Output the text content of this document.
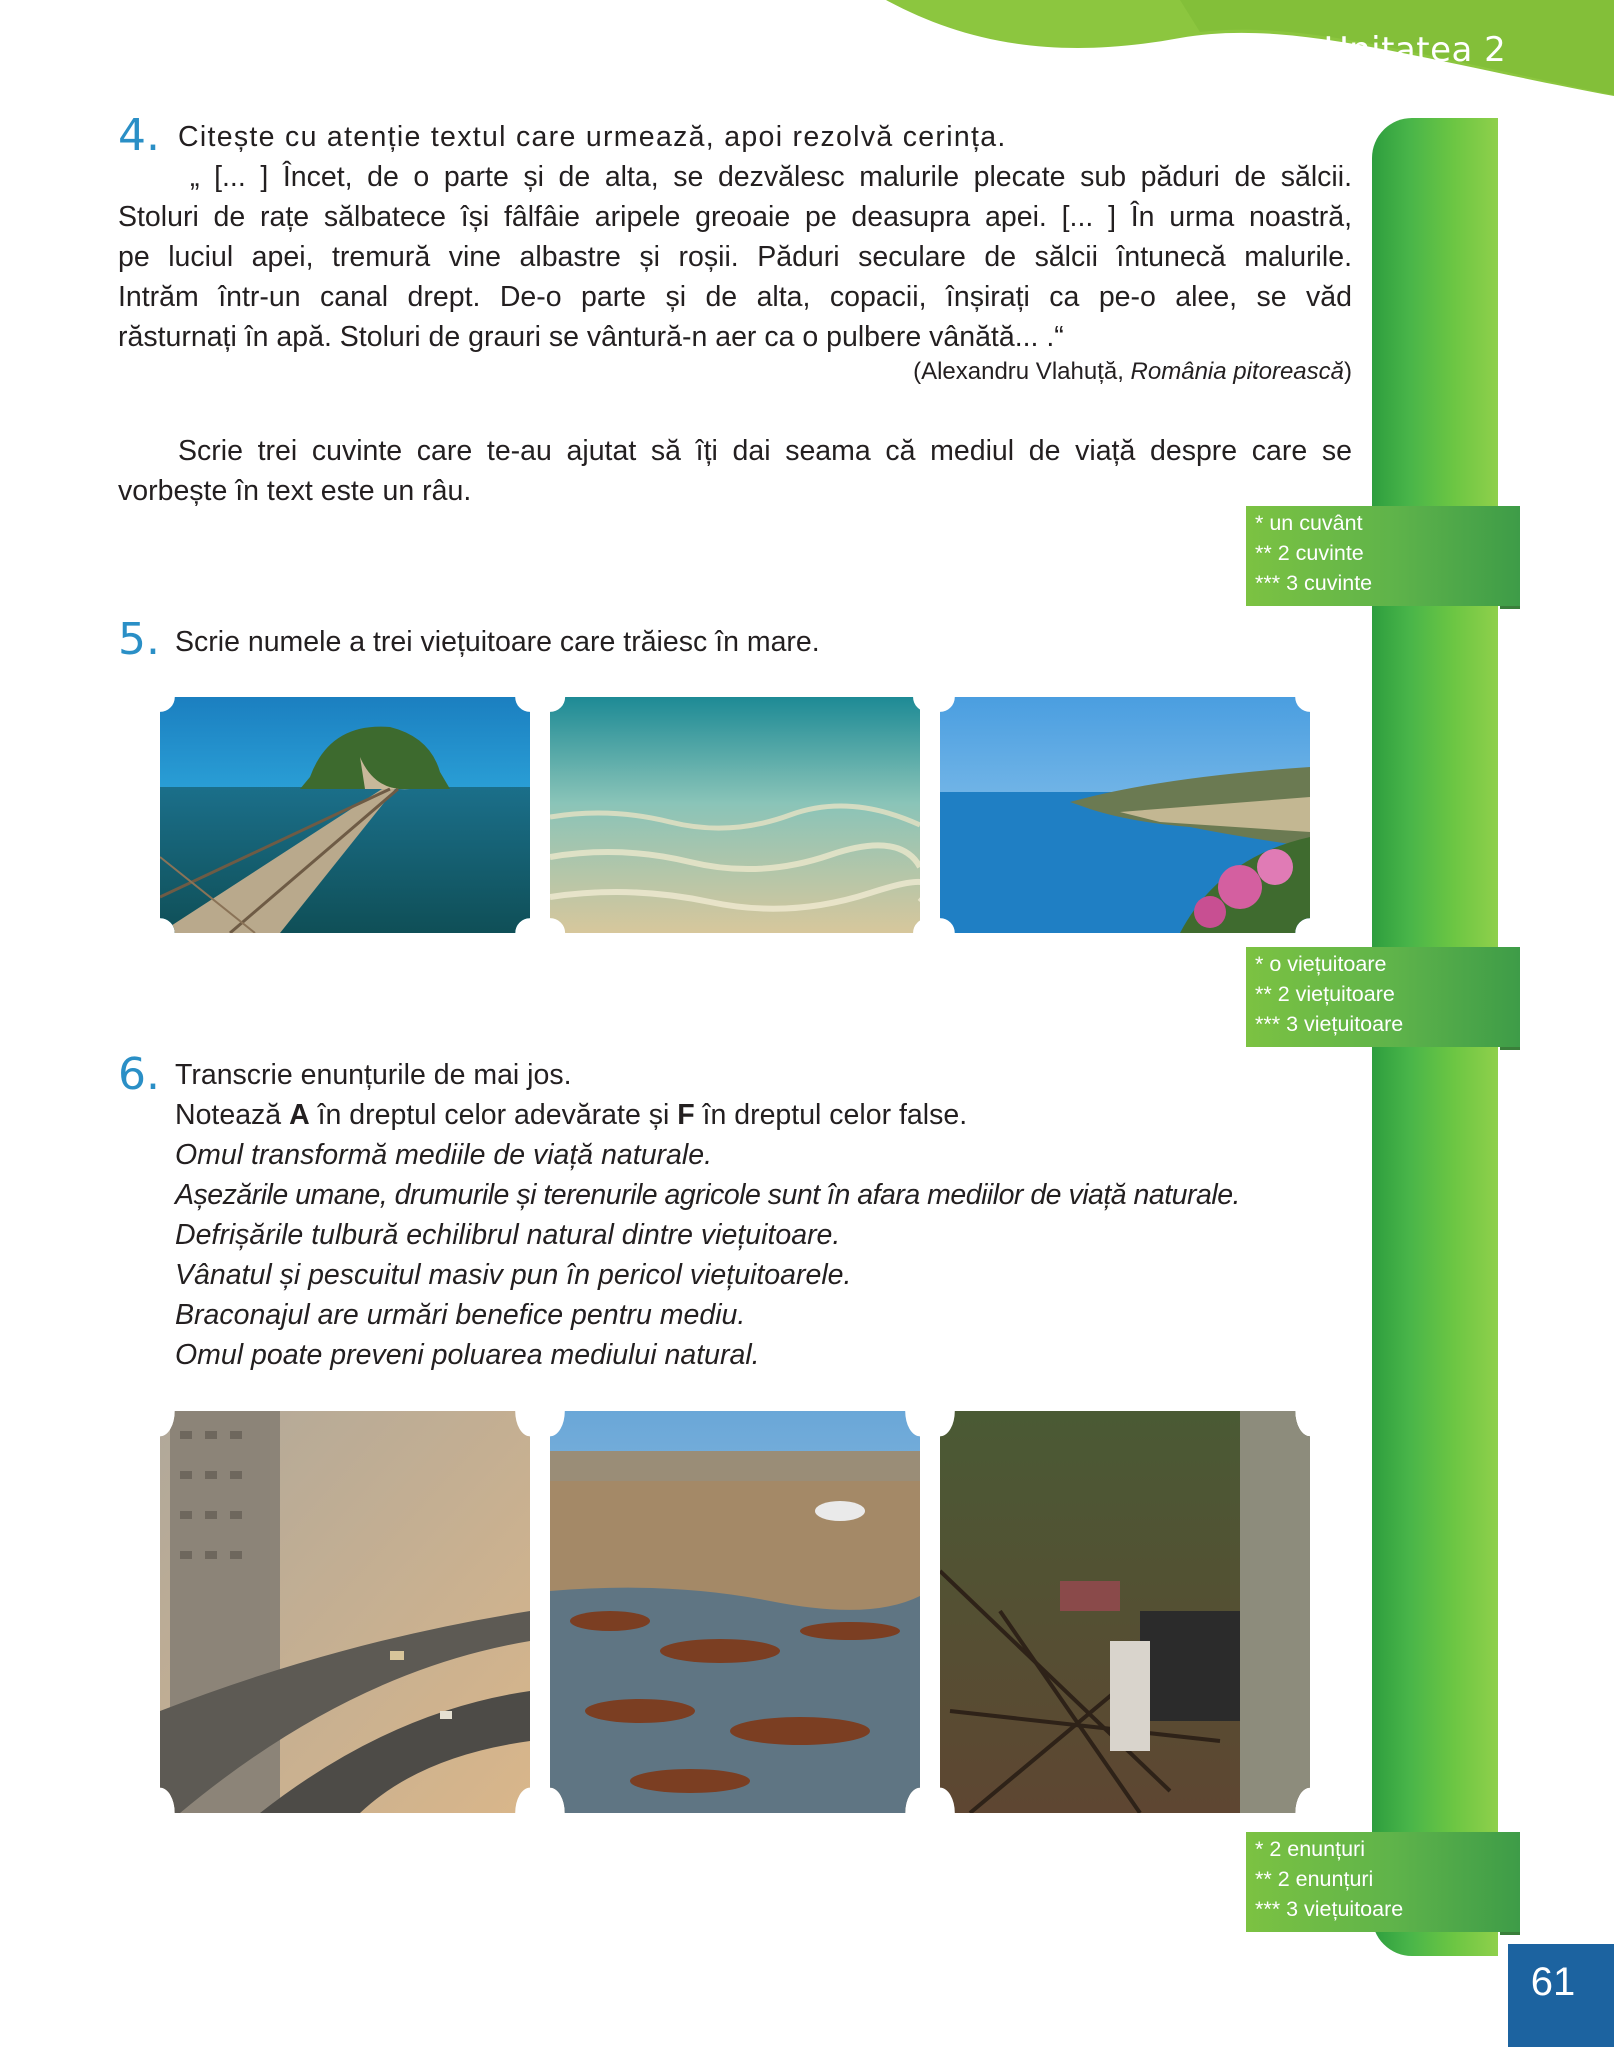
Unitatea 2
4. Citește cu atenție textul care urmează, apoi rezolvă cerința.
„ [... ] Încet, de o parte și de alta, se dezvălesc malurile plecate sub păduri de sălcii.
Stoluri de rațe sălbatece își fâlfâie aripele greoaie pe deasupra apei. [... ] În urma noastră,
pe luciul apei, tremură vine albastre și roșii. Păduri seculare de sălcii întunecă malurile.
Intrăm într-un canal drept. De-o parte și de alta, copacii, înșirați ca pe-o alee, se văd
răsturnați în apă. Stoluri de grauri se vântură-n aer ca o pulbere vânătă... .“
(Alexandru Vlahuță, România pitorească)
Scrie trei cuvinte care te-au ajutat să îți dai seama că mediul de viață despre care se
vorbește în text este un râu.
* un cuvânt
** 2 cuvinte
*** 3 cuvinte
5. Scrie numele a trei viețuitoare care trăiesc în mare.
* o viețuitoare
** 2 viețuitoare
*** 3 viețuitoare
6. Transcrie enunțurile de mai jos.
Notează A în dreptul celor adevărate și F în dreptul celor false.
Omul transformă mediile de viață naturale.
Așezările umane, drumurile și terenurile agricole sunt în afara mediilor de viață naturale.
Defrișările tulbură echilibrul natural dintre viețuitoare.
Vânatul și pescuitul masiv pun în pericol viețuitoarele.
Braconajul are urmări benefice pentru mediu.
Omul poate preveni poluarea mediului natural.
* 2 enunțuri
** 2 enunțuri
*** 3 viețuitoare
61
